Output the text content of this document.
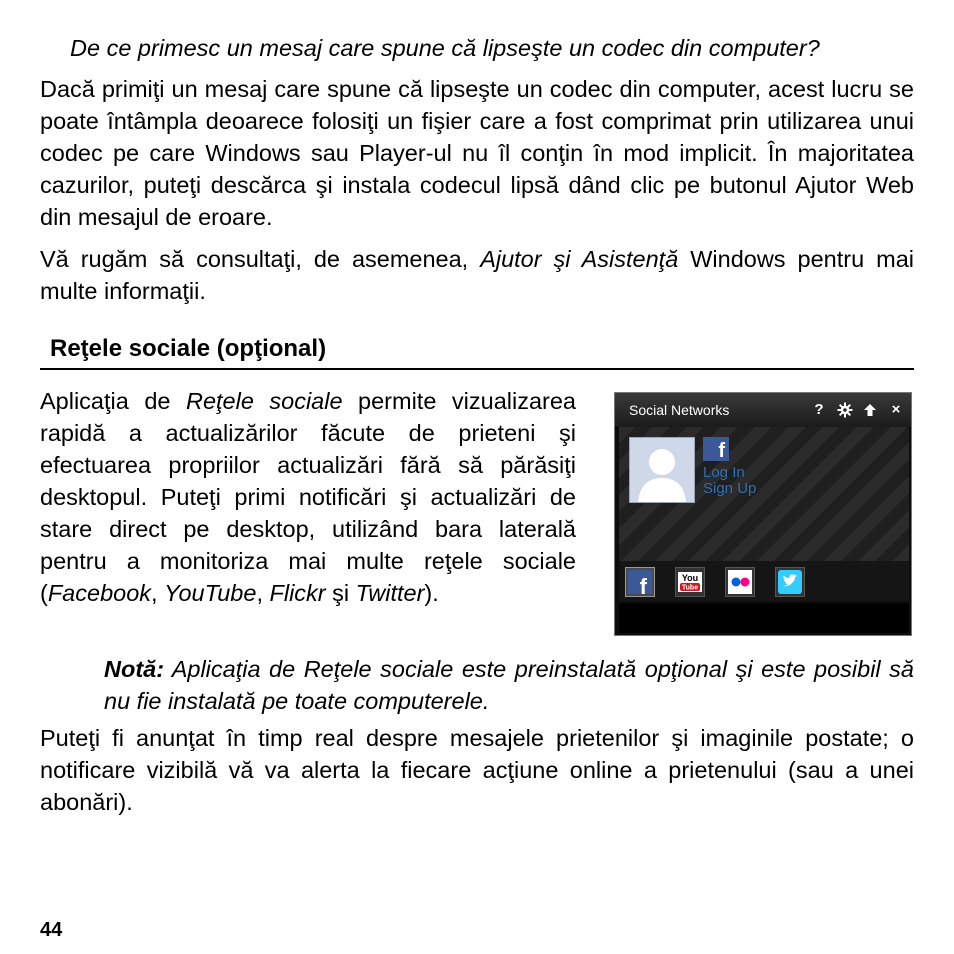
De ce primesc un mesaj care spune că lipseşte un codec din computer?

Dacă primiţi un mesaj care spune că lipseşte un codec din computer, acest lucru se poate întâmpla deoarece folosiţi un fişier care a fost comprimat prin utilizarea unui codec pe care Windows sau Player-ul nu îl conţin în mod implicit. În majoritatea cazurilor, puteţi descărca şi instala codecul lipsă dând clic pe butonul Ajutor Web din mesajul de eroare.

Vă rugăm să consultaţi, de asemenea, Ajutor şi Asistenţă Windows pentru mai multe informaţii.

Reţele sociale (opţional)

Aplicaţia de Reţele sociale permite vizualizarea rapidă a actualizărilor făcute de prieteni şi efectuarea propriilor actualizări fără să părăsiţi desktopul. Puteţi primi notificări şi actualizări de stare direct pe desktop, utilizând bara laterală pentru a monitoriza mai multe reţele sociale (Facebook, YouTube, Flickr şi Twitter).

Social Networks	?	×
f
Log In
Sign Up
f	You
Tube

Notă: Aplicaţia de Reţele sociale este preinstalată opţional şi este posibil să nu fie instalată pe toate computerele.

Puteţi fi anunţat în timp real despre mesajele prietenilor şi imaginile postate; o notificare vizibilă vă va alerta la fiecare acţiune online a prietenului (sau a unei abonări).

44
